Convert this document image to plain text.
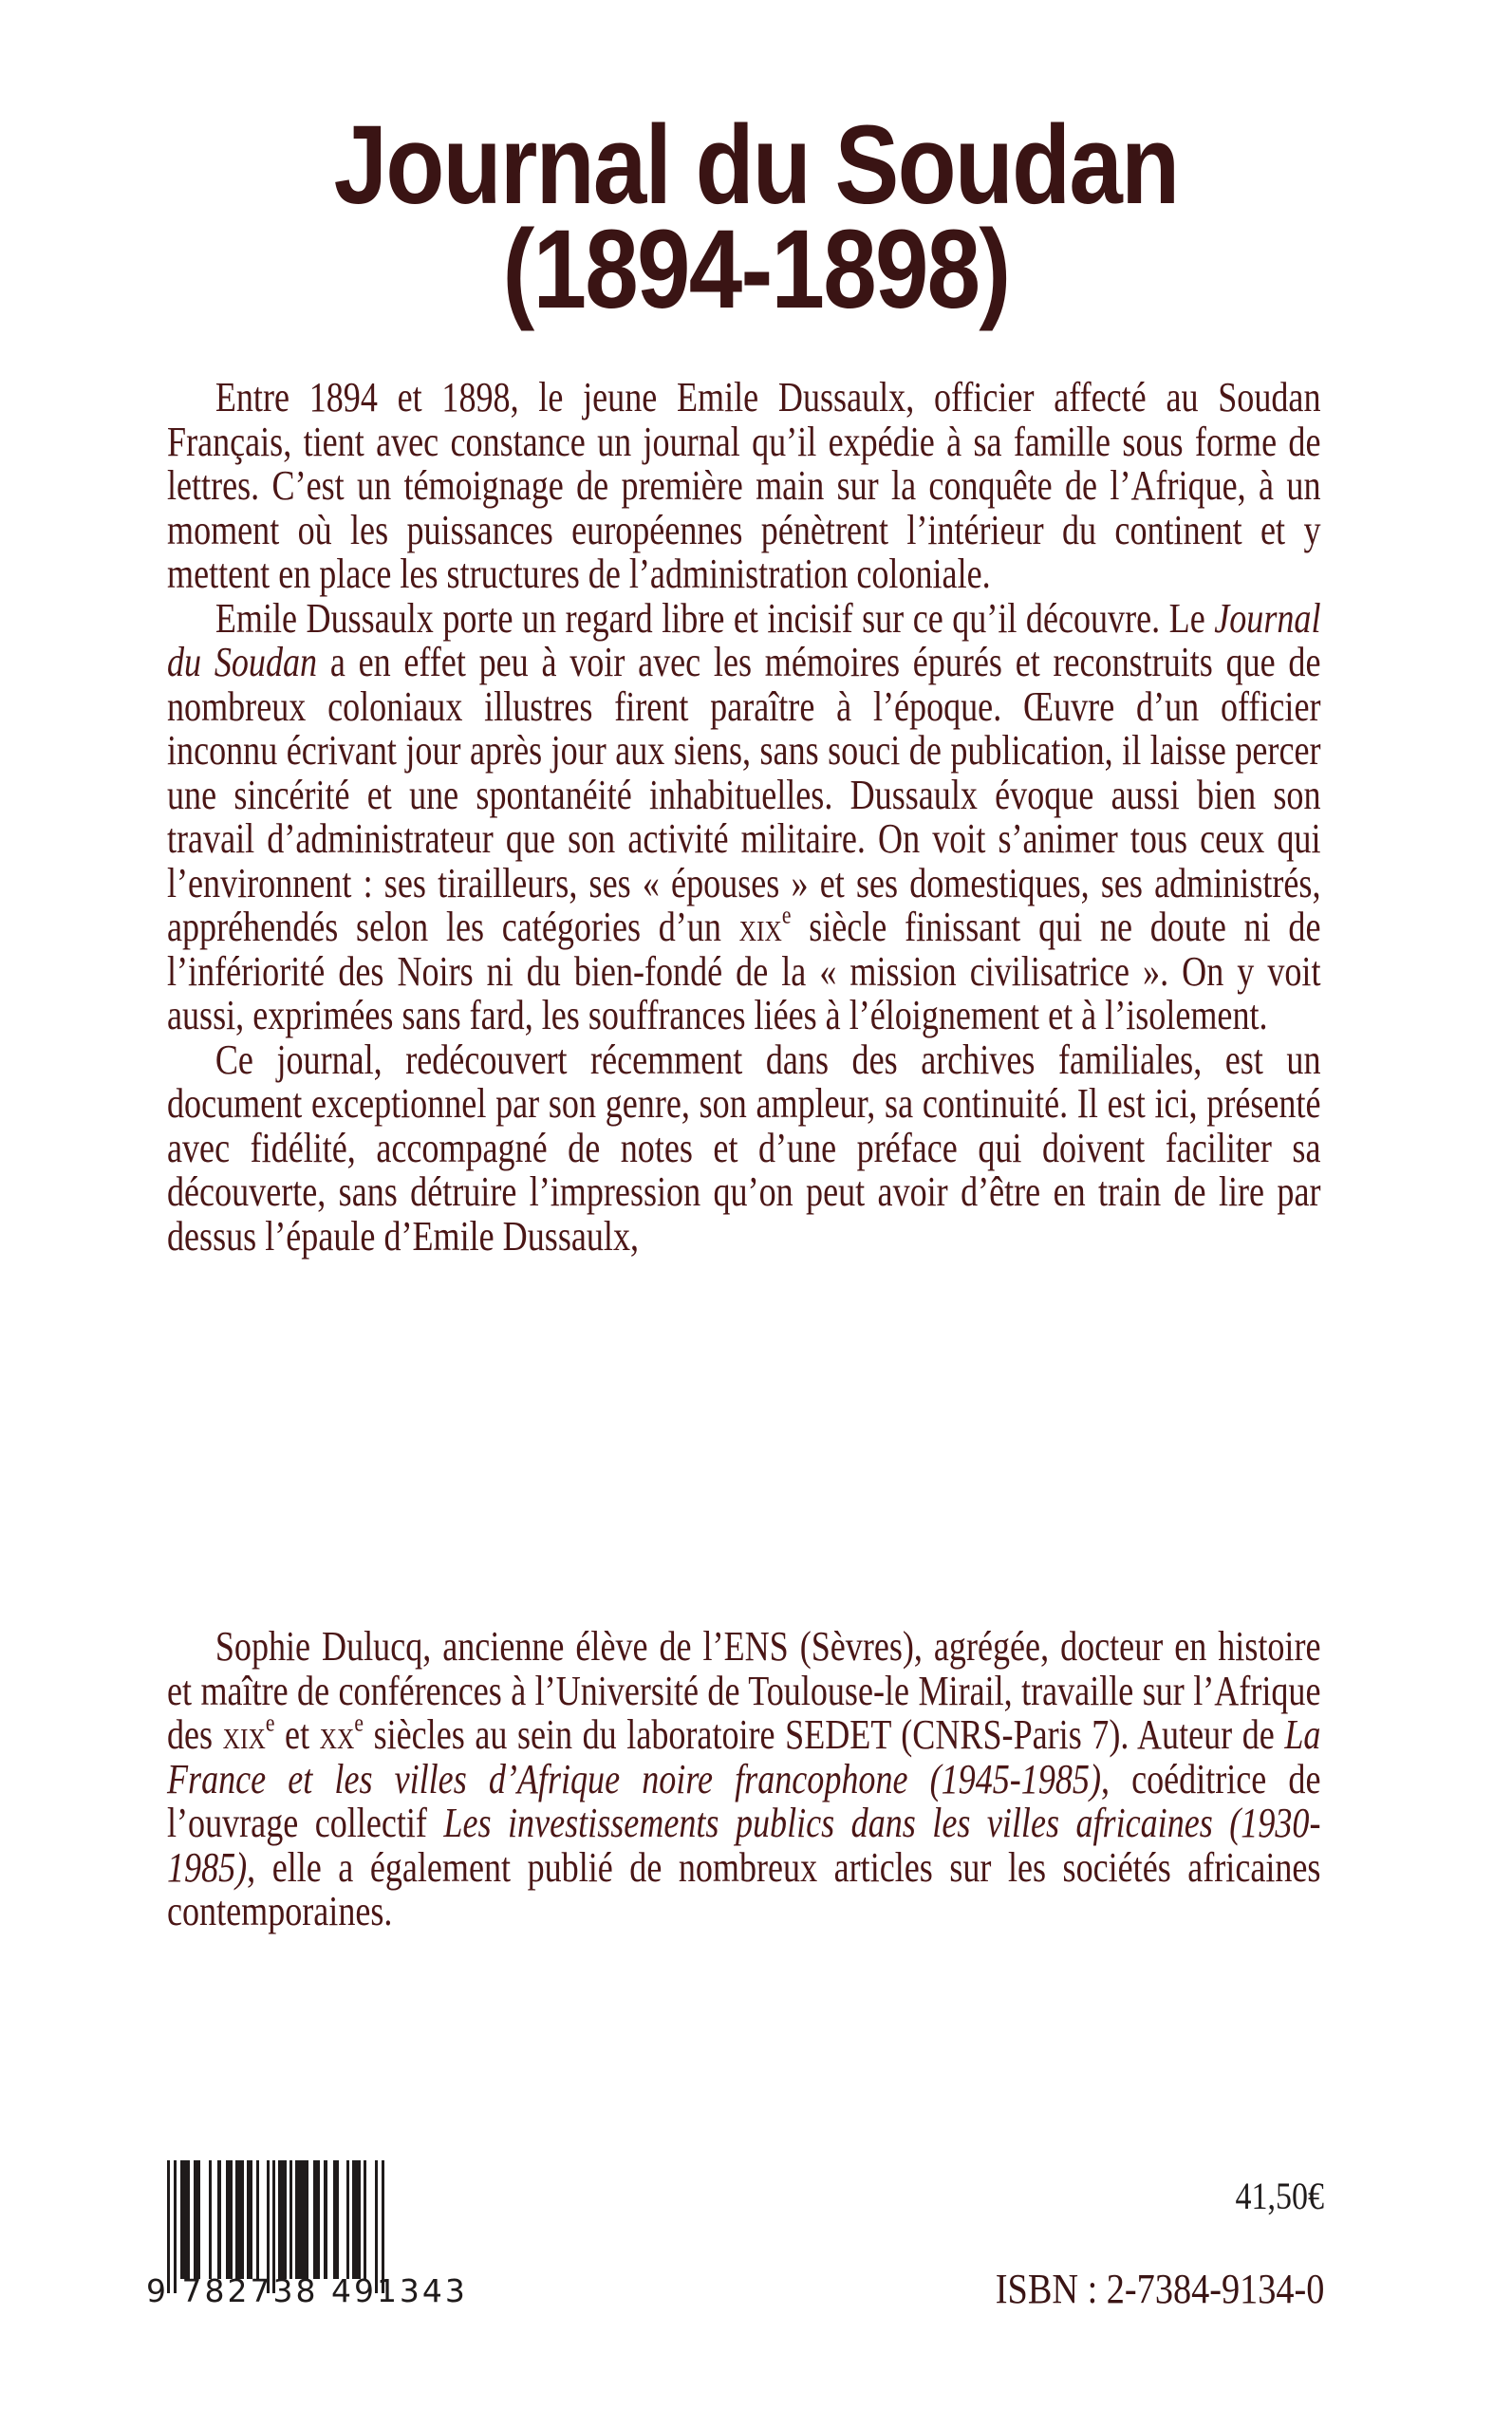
Journal du Soudan
(1894-1898)

Entre 1894 et 1898, le jeune Emile Dussaulx, officier affecté au Soudan Français, tient avec constance un journal qu’il expédie à sa famille sous forme de lettres. C’est un témoignage de première main sur la conquête de l’Afrique, à un moment où les puissances européennes pénètrent l’intérieur du continent et y mettent en place les structures de l’administration coloniale.

Emile Dussaulx porte un regard libre et incisif sur ce qu’il découvre. Le Journal du Soudan a en effet peu à voir avec les mémoires épurés et reconstruits que de nombreux coloniaux illustres firent paraître à l’époque. Œuvre d’un officier inconnu écrivant jour après jour aux siens, sans souci de publication, il laisse percer une sincérité et une spontanéité inhabituelles. Dussaulx évoque aussi bien son travail d’administrateur que son activité militaire. On voit s’animer tous ceux qui l’environnent : ses tirailleurs, ses « épouses » et ses domestiques, ses administrés, appréhendés selon les catégories d’un xix$^e$ siècle finissant qui ne doute ni de l’infériorité des Noirs ni du bien-fondé de la « mission civilisatrice ». On y voit aussi, exprimées sans fard, les souffrances liées à l’éloignement et à l’isolement.

Ce journal, redécouvert récemment dans des archives familiales, est un document exceptionnel par son genre, son ampleur, sa continuité. Il est ici, présenté avec fidélité, accompagné de notes et d’une préface qui doivent faciliter sa découverte, sans détruire l’impression qu’on peut avoir d’être en train de lire par dessus l’épaule d’Emile Dussaulx,

Sophie Dulucq, ancienne élève de l’ENS (Sèvres), agrégée, docteur en histoire et maître de conférences à l’Université de Toulouse-le Mirail, travaille sur l’Afrique des xix$^e$ et $xx^e$ siècles au sein du laboratoire SEDET (CNRS-Paris 7). Auteur de La France et les villes d’Afrique noire francophone (1945-1985), coéditrice de l’ouvrage collectif Les investissements publics dans les villes africaines (1930-1985), elle a également publié de nombreux articles sur les sociétés africaines contemporaines.

9 782738 491343
41,50€
ISBN : 2-7384-9134-0
